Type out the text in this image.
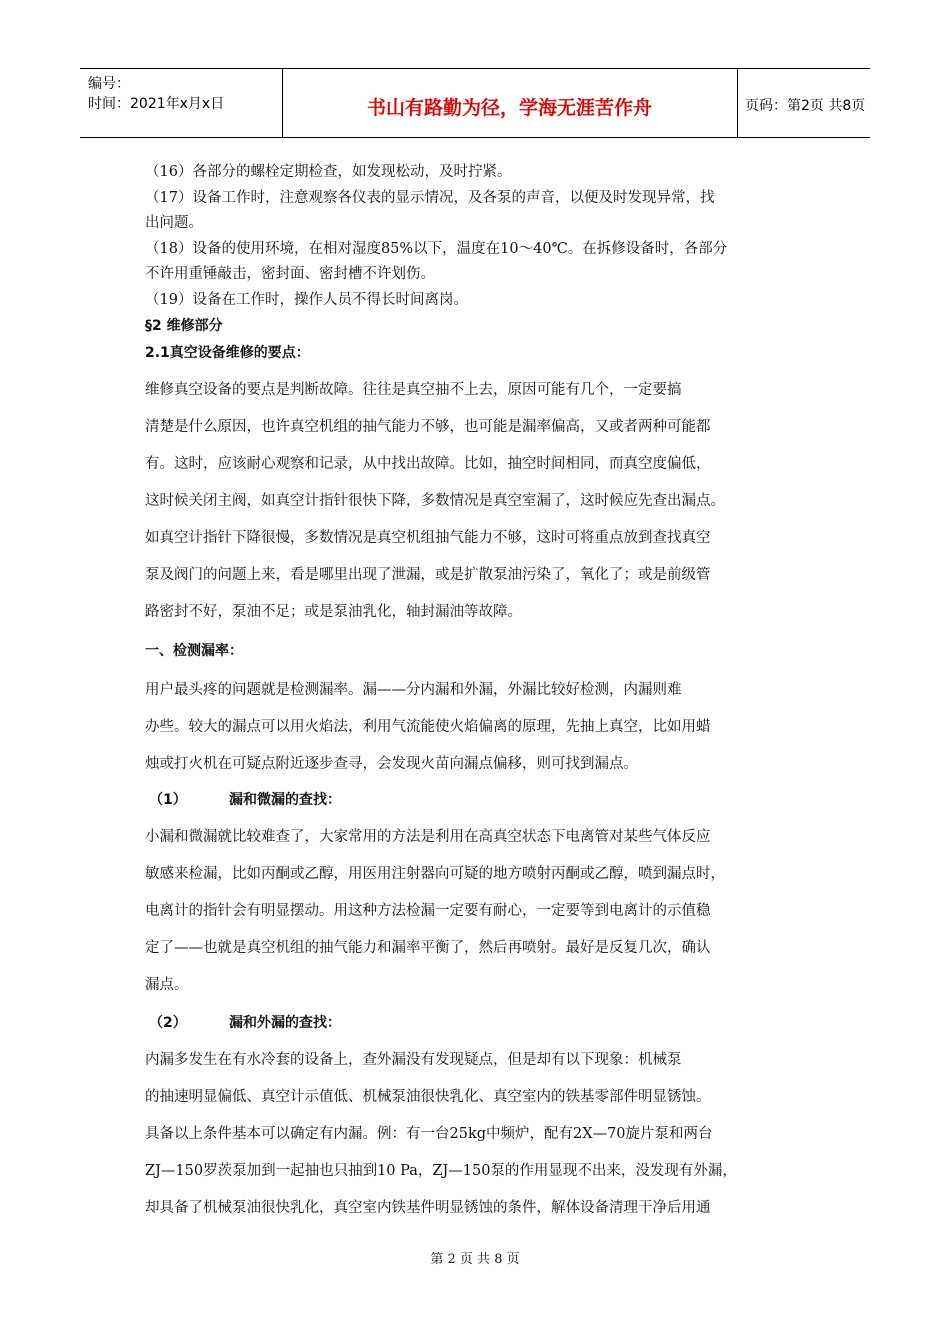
编号：
时间：2021年x月x日	书山有路勤为径，学海无涯苦作舟	页码：第2页 共8页
（16）各部分的螺栓定期检查，如发现松动，及时拧紧。
（17）设备工作时，注意观察各仪表的显示情况，及各泵的声音，以便及时发现异常，找
出问题。
（18）设备的使用环境，在相对湿度85%以下，温度在10～40℃。在拆修设备时，各部分
不许用重锤敲击，密封面、密封槽不许划伤。
（19）设备在工作时，操作人员不得长时间离岗。
§2 维修部分
2.1真空设备维修的要点：
维修真空设备的要点是判断故障。往往是真空抽不上去，原因可能有几个，一定要搞
清楚是什么原因，也许真空机组的抽气能力不够，也可能是漏率偏高，又或者两种可能都
有。这时，应该耐心观察和记录，从中找出故障。比如，抽空时间相同，而真空度偏低，
这时候关闭主阀，如真空计指针很快下降，多数情况是真空室漏了，这时候应先查出漏点。
如真空计指针下降很慢，多数情况是真空机组抽气能力不够，这时可将重点放到查找真空
泵及阀门的问题上来，看是哪里出现了泄漏，或是扩散泵油污染了，氧化了；或是前级管
路密封不好，泵油不足；或是泵油乳化，轴封漏油等故障。
一、检测漏率：
用户最头疼的问题就是检测漏率。漏——分内漏和外漏，外漏比较好检测，内漏则难
办些。较大的漏点可以用火焰法，利用气流能使火焰偏离的原理，先抽上真空，比如用蜡
烛或打火机在可疑点附近逐步查寻，会发现火苗向漏点偏移，则可找到漏点。
（1）	漏和微漏的查找：
小漏和微漏就比较难查了，大家常用的方法是利用在高真空状态下电离管对某些气体反应
敏感来检漏，比如丙酮或乙醇，用医用注射器向可疑的地方喷射丙酮或乙醇，喷到漏点时，
电离计的指针会有明显摆动。用这种方法检漏一定要有耐心，一定要等到电离计的示值稳
定了——也就是真空机组的抽气能力和漏率平衡了，然后再喷射。最好是反复几次，确认
漏点。
（2）	漏和外漏的查找：
内漏多发生在有水冷套的设备上，查外漏没有发现疑点，但是却有以下现象：机械泵
的抽速明显偏低、真空计示值低、机械泵油很快乳化、真空室内的铁基零部件明显锈蚀。
具备以上条件基本可以确定有内漏。例：有一台25kg中频炉，配有2X—70旋片泵和两台
ZJ—150罗茨泵加到一起抽也只抽到10 Pa，ZJ—150泵的作用显现不出来，没发现有外漏，
却具备了机械泵油很快乳化，真空室内铁基件明显锈蚀的条件，解体设备清理干净后用通
第 2 页 共 8 页
